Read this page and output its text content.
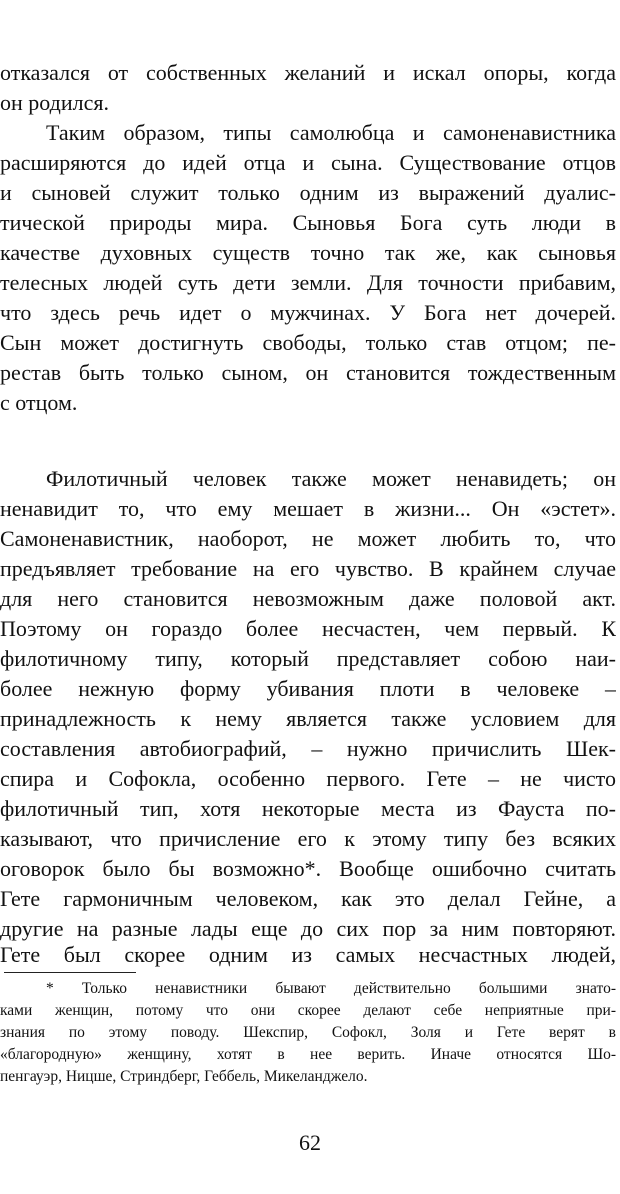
отказался от собственных желаний и искал опоры, когда
он родился.
Таким образом, типы самолюбца и самоненавистника
расширяются до идей отца и сына. Существование отцов
и сыновей служит только одним из выражений дуалис-
тической природы мира. Сыновья Бога суть люди в
качестве духовных существ точно так же, как сыновья
телесных людей суть дети земли. Для точности прибавим,
что здесь речь идет о мужчинах. У Бога нет дочерей.
Сын может достигнуть свободы, только став отцом; пе-
рестав быть только сыном, он становится тождественным
с отцом.
Филотичный человек также может ненавидеть; он
ненавидит то, что ему мешает в жизни... Он «эстет».
Самоненавистник, наоборот, не может любить то, что
предъявляет требование на его чувство. В крайнем случае
для него становится невозможным даже половой акт.
Поэтому он гораздо более несчастен, чем первый. К
филотичному типу, который представляет собою наи-
более нежную форму убивания плоти в человеке –
принадлежность к нему является также условием для
составления автобиографий, – нужно причислить Шек-
спира и Софокла, особенно первого. Гете – не чисто
филотичный тип, хотя некоторые места из Фауста по-
казывают, что причисление его к этому типу без всяких
оговорок было бы возможно*. Вообще ошибочно считать
Гете гармоничным человеком, как это делал Гейне, а
другие на разные лады еще до сих пор за ним повторяют.
Гете был скорее одним из самых несчастных людей,
* Только ненавистники бывают действительно большими знато-
ками женщин, потому что они скорее делают себе неприятные при-
знания по этому поводу. Шекспир, Софокл, Золя и Гете верят в
«благородную» женщину, хотят в нее верить. Иначе относятся Шо-
пенгауэр, Ницше, Стриндберг, Геббель, Микеланджело.
62
